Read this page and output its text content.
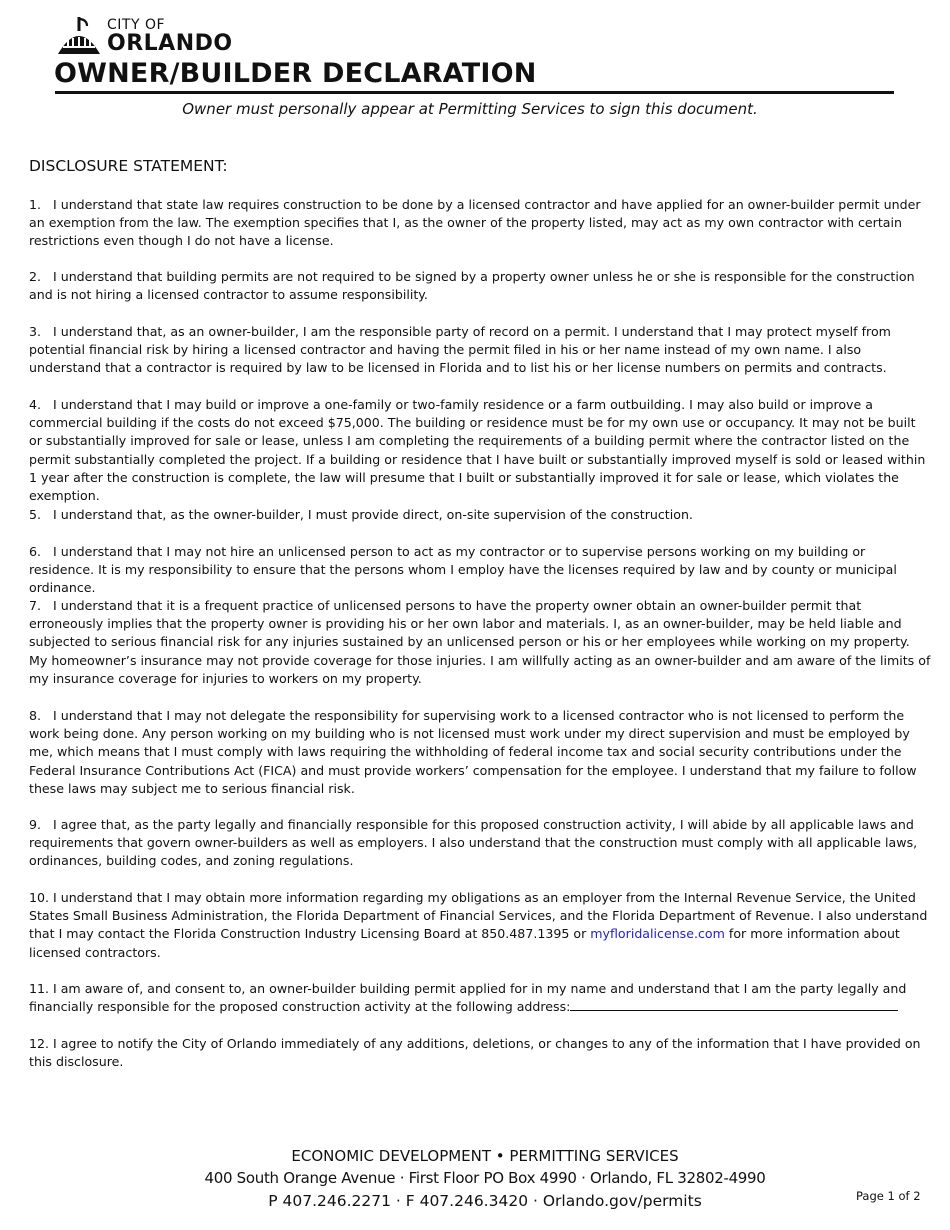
CITY OF
ORLANDO
OWNER/BUILDER DECLARATION
Owner must personally appear at Permitting Services to sign this document.
DISCLOSURE STATEMENT:
1. I understand that state law requires construction to be done by a licensed contractor and have applied for an owner-builder permit under an exemption from the law. The exemption specifies that I, as the owner of the property listed, may act as my own contractor with certain restrictions even though I do not have a license.
2. I understand that building permits are not required to be signed by a property owner unless he or she is responsible for the construction and is not hiring a licensed contractor to assume responsibility.
3. I understand that, as an owner-builder, I am the responsible party of record on a permit. I understand that I may protect myself from potential financial risk by hiring a licensed contractor and having the permit filed in his or her name instead of my own name. I also understand that a contractor is required by law to be licensed in Florida and to list his or her license numbers on permits and contracts.
4. I understand that I may build or improve a one-family or two-family residence or a farm outbuilding. I may also build or improve a commercial building if the costs do not exceed $75,000. The building or residence must be for my own use or occupancy. It may not be built or substantially improved for sale or lease, unless I am completing the requirements of a building permit where the contractor listed on the permit substantially completed the project. If a building or residence that I have built or substantially improved myself is sold or leased within 1 year after the construction is complete, the law will presume that I built or substantially improved it for sale or lease, which violates the exemption.
5. I understand that, as the owner-builder, I must provide direct, on-site supervision of the construction.
6. I understand that I may not hire an unlicensed person to act as my contractor or to supervise persons working on my building or residence. It is my responsibility to ensure that the persons whom I employ have the licenses required by law and by county or municipal ordinance.
7. I understand that it is a frequent practice of unlicensed persons to have the property owner obtain an owner-builder permit that erroneously implies that the property owner is providing his or her own labor and materials. I, as an owner-builder, may be held liable and subjected to serious financial risk for any injuries sustained by an unlicensed person or his or her employees while working on my property. My homeowner’s insurance may not provide coverage for those injuries. I am willfully acting as an owner-builder and am aware of the limits of my insurance coverage for injuries to workers on my property.
8. I understand that I may not delegate the responsibility for supervising work to a licensed contractor who is not licensed to perform the work being done. Any person working on my building who is not licensed must work under my direct supervision and must be employed by me, which means that I must comply with laws requiring the withholding of federal income tax and social security contributions under the Federal Insurance Contributions Act (FICA) and must provide workers’ compensation for the employee. I understand that my failure to follow these laws may subject me to serious financial risk.
9. I agree that, as the party legally and financially responsible for this proposed construction activity, I will abide by all applicable laws and requirements that govern owner-builders as well as employers. I also understand that the construction must comply with all applicable laws, ordinances, building codes, and zoning regulations.
10. I understand that I may obtain more information regarding my obligations as an employer from the Internal Revenue Service, the United States Small Business Administration, the Florida Department of Financial Services, and the Florida Department of Revenue. I also understand that I may contact the Florida Construction Industry Licensing Board at 850.487.1395 or myfloridalicense.com for more information about licensed contractors.
11. I am aware of, and consent to, an owner-builder building permit applied for in my name and understand that I am the party legally and financially responsible for the proposed construction activity at the following address:
12. I agree to notify the City of Orlando immediately of any additions, deletions, or changes to any of the information that I have provided on this disclosure.
ECONOMIC DEVELOPMENT • PERMITTING SERVICES
400 South Orange Avenue · First Floor PO Box 4990 · Orlando, FL 32802-4990
P 407.246.2271 · F 407.246.3420 · Orlando.gov/permits	Page 1 of 2
